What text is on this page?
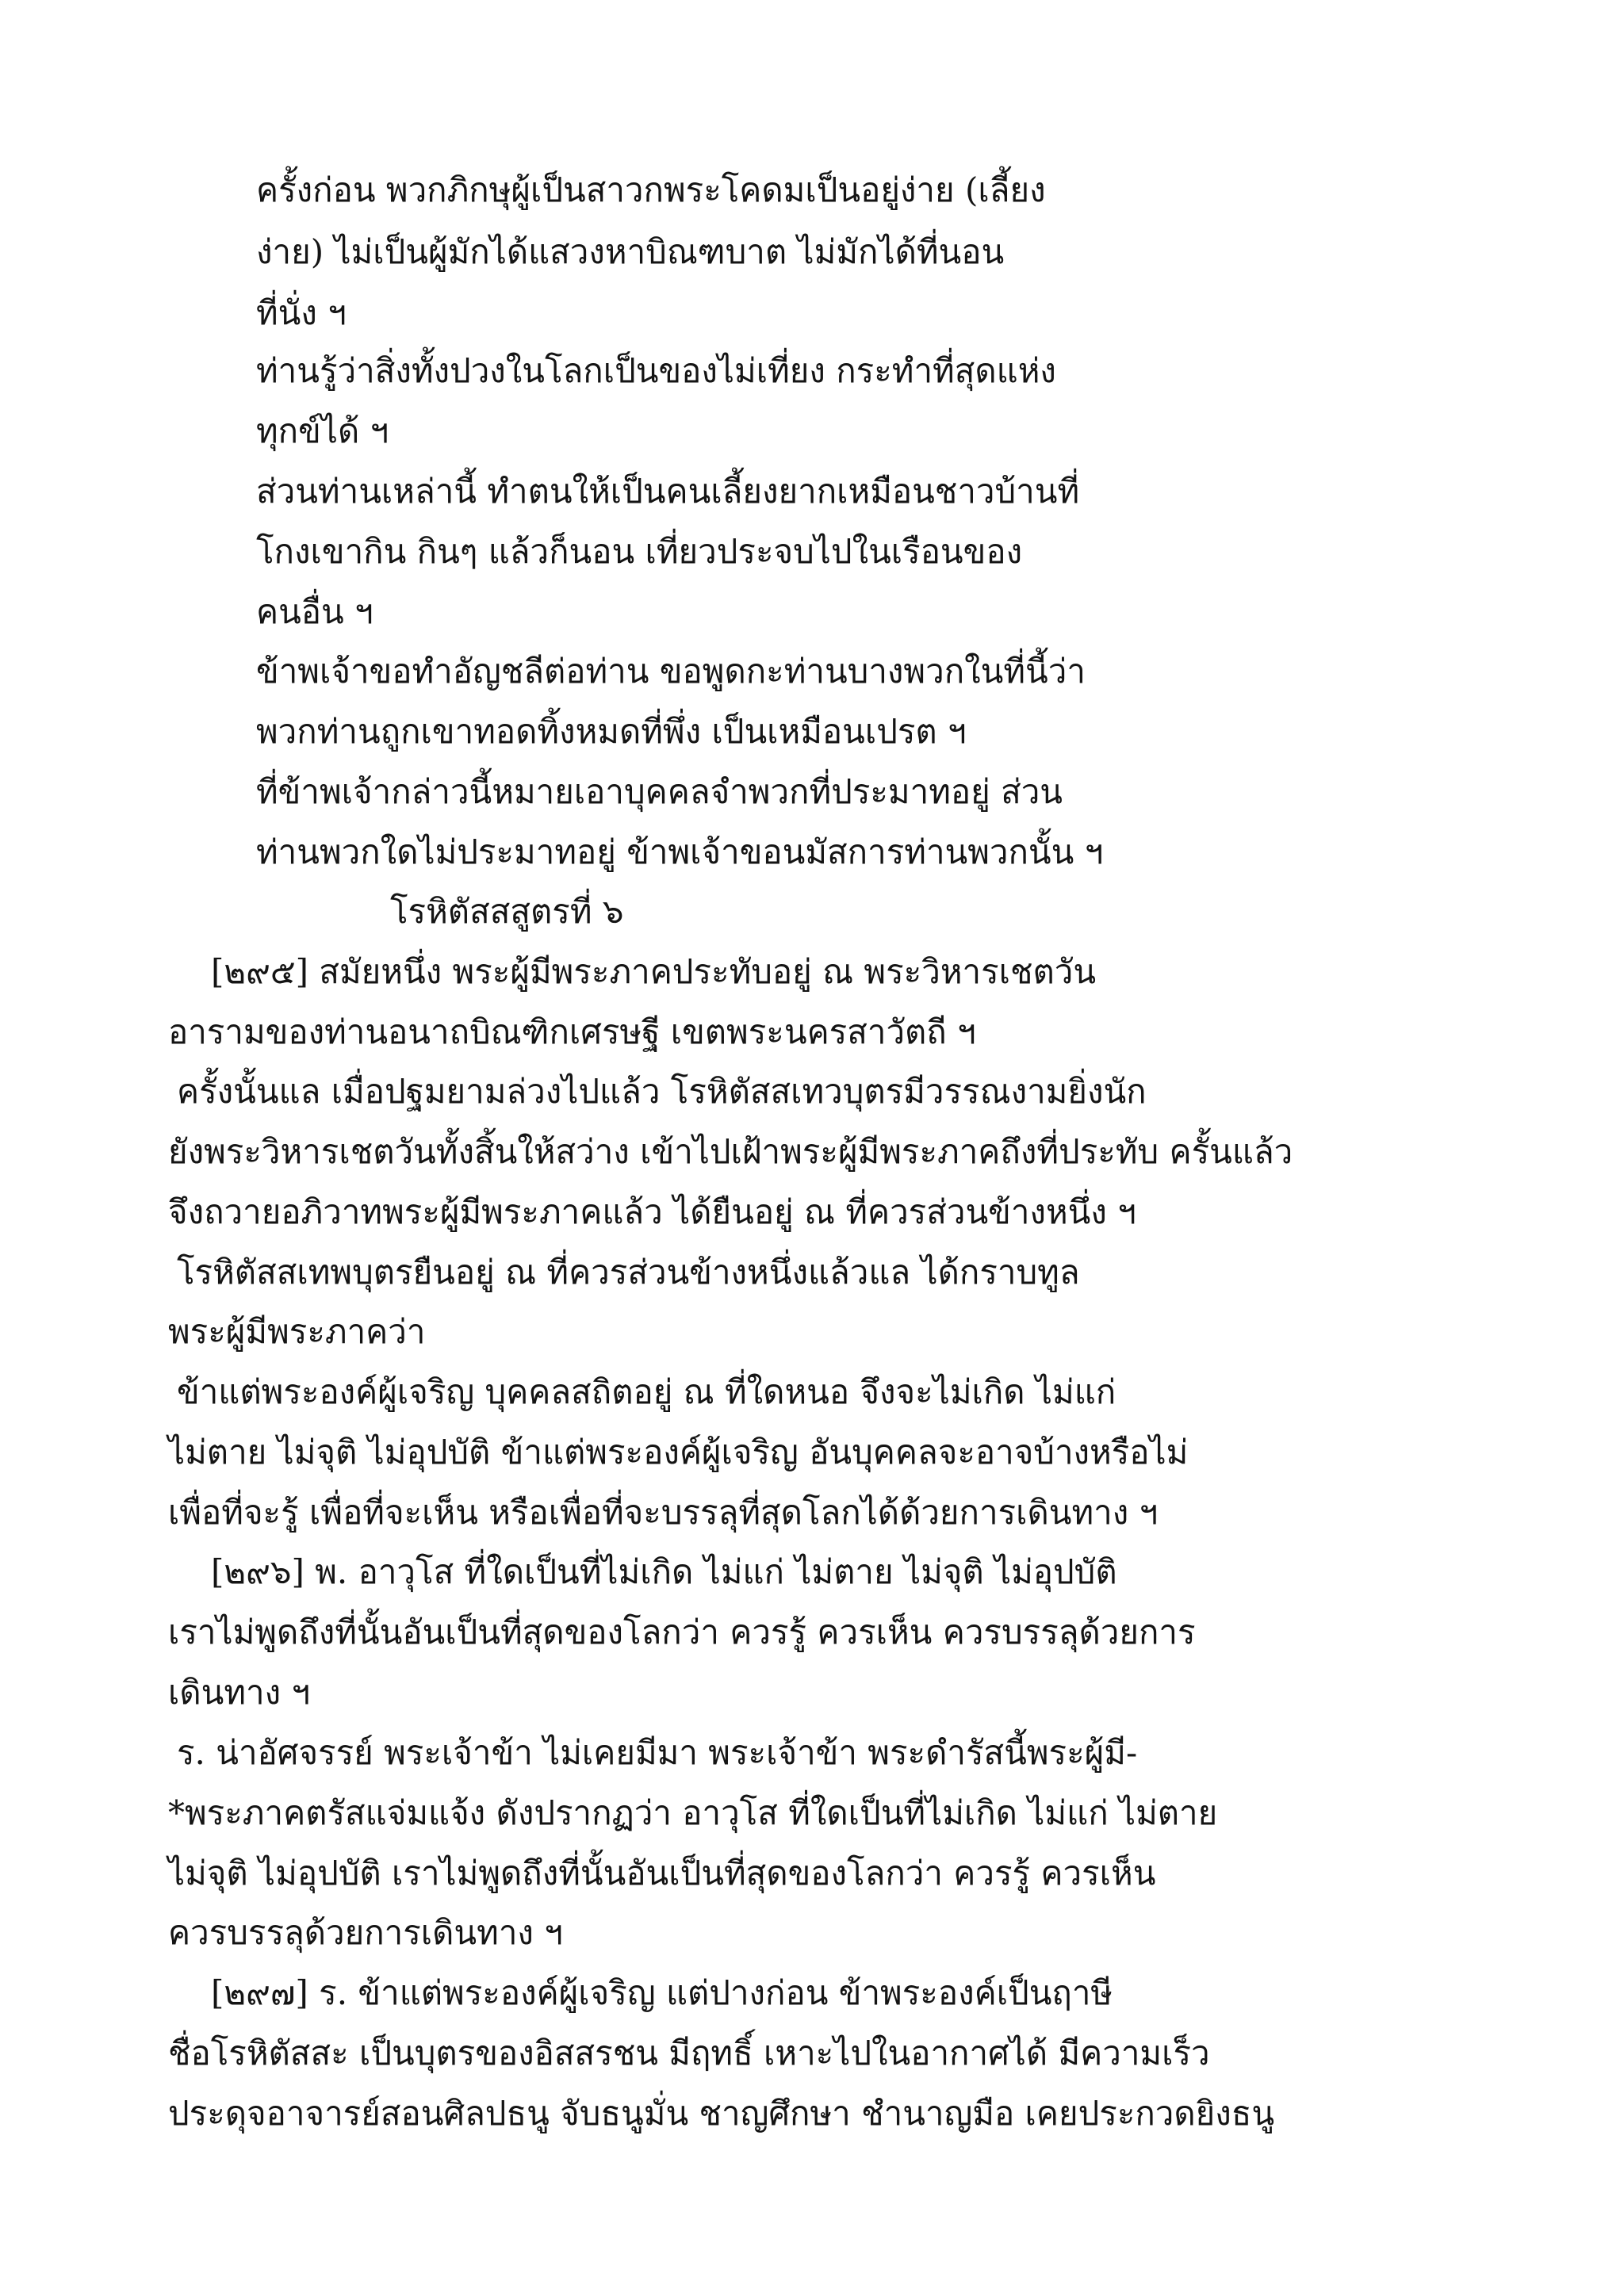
ครั้งก่อน พวกภิกษุผู้เป็นสาวกพระโคดมเป็นอยู่ง่าย (เลี้ยง

ง่าย) ไม่เป็นผู้มักได้แสวงหาบิณฑบาต ไม่มักได้ที่นอน

ที่นั่ง ฯ

ท่านรู้ว่าสิ่งทั้งปวงในโลกเป็นของไม่เที่ยง กระทำที่สุดแห่ง

ทุกข์ได้ ฯ

ส่วนท่านเหล่านี้ ทำตนให้เป็นคนเลี้ยงยากเหมือนชาวบ้านที่

โกงเขากิน กินๆ แล้วก็นอน เที่ยวประจบไปในเรือนของ

คนอื่น ฯ

ข้าพเจ้าขอทำอัญชลีต่อท่าน ขอพูดกะท่านบางพวกในที่นี้ว่า

พวกท่านถูกเขาทอดทิ้งหมดที่พึ่ง เป็นเหมือนเปรต ฯ

ที่ข้าพเจ้ากล่าวนี้หมายเอาบุคคลจำพวกที่ประมาทอยู่ ส่วน

ท่านพวกใดไม่ประมาทอยู่ ข้าพเจ้าขอนมัสการท่านพวกนั้น ฯ

โรหิตัสสสูตรที่ ๖

[๒๙๕] สมัยหนึ่ง พระผู้มีพระภาคประทับอยู่ ณ พระวิหารเชตวัน

อารามของท่านอนาถบิณฑิกเศรษฐี เขตพระนครสาวัตถี ฯ

ครั้งนั้นแล เมื่อปฐมยามล่วงไปแล้ว โรหิตัสสเทวบุตรมีวรรณงามยิ่งนัก

ยังพระวิหารเชตวันทั้งสิ้นให้สว่าง เข้าไปเฝ้าพระผู้มีพระภาคถึงที่ประทับ ครั้นแล้ว

จึงถวายอภิวาทพระผู้มีพระภาคแล้ว ได้ยืนอยู่ ณ ที่ควรส่วนข้างหนึ่ง ฯ

โรหิตัสสเทพบุตรยืนอยู่ ณ ที่ควรส่วนข้างหนึ่งแล้วแล ได้กราบทูล

พระผู้มีพระภาคว่า

ข้าแต่พระองค์ผู้เจริญ บุคคลสถิตอยู่ ณ ที่ใดหนอ จึงจะไม่เกิด ไม่แก่

ไม่ตาย ไม่จุติ ไม่อุปบัติ ข้าแต่พระองค์ผู้เจริญ อันบุคคลจะอาจบ้างหรือไม่

เพื่อที่จะรู้ เพื่อที่จะเห็น หรือเพื่อที่จะบรรลุที่สุดโลกได้ด้วยการเดินทาง ฯ

[๒๙๖] พ. อาวุโส ที่ใดเป็นที่ไม่เกิด ไม่แก่ ไม่ตาย ไม่จุติ ไม่อุปบัติ

เราไม่พูดถึงที่นั้นอันเป็นที่สุดของโลกว่า ควรรู้ ควรเห็น ควรบรรลุด้วยการ

เดินทาง ฯ

ร. น่าอัศจรรย์ พระเจ้าข้า ไม่เคยมีมา พระเจ้าข้า พระดำรัสนี้พระผู้มี-

*พระภาคตรัสแจ่มแจ้ง ดังปรากฏว่า อาวุโส ที่ใดเป็นที่ไม่เกิด ไม่แก่ ไม่ตาย

ไม่จุติ ไม่อุปบัติ เราไม่พูดถึงที่นั้นอันเป็นที่สุดของโลกว่า ควรรู้ ควรเห็น

ควรบรรลุด้วยการเดินทาง ฯ

[๒๙๗] ร. ข้าแต่พระองค์ผู้เจริญ แต่ปางก่อน ข้าพระองค์เป็นฤาษี

ชื่อโรหิตัสสะ เป็นบุตรของอิสสรชน มีฤทธิ์ เหาะไปในอากาศได้ มีความเร็ว

ประดุจอาจารย์สอนศิลปธนู จับธนูมั่น ชาญศึกษา ชำนาญมือ เคยประกวดยิงธนู
